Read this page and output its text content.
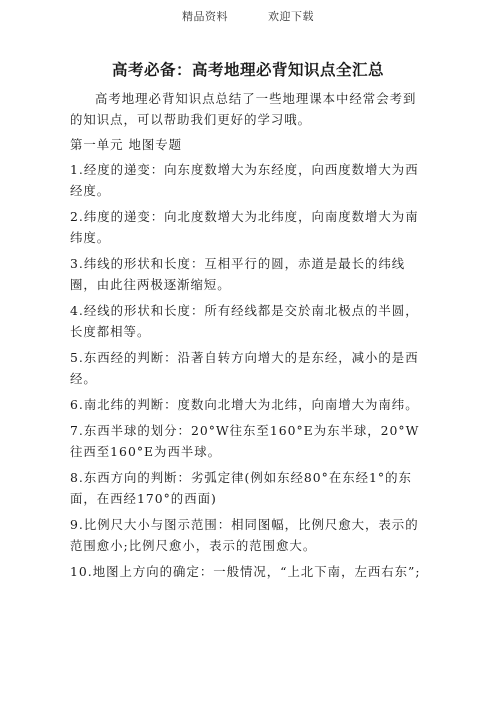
精品资料	欢迎下载
高考必备：高考地理必背知识点全汇总

高考地理必背知识点总结了一些地理课本中经常会考到的知识点，可以帮助我们更好的学习哦。

第一单元 地图专题

1.经度的递变：向东度数增大为东经度，向西度数增大为西经度。

2.纬度的递变：向北度数增大为北纬度，向南度数增大为南纬度。

3.纬线的形状和长度：互相平行的圆，赤道是最长的纬线圈，由此往两极逐渐缩短。

4.经线的形状和长度：所有经线都是交於南北极点的半圆，长度都相等。

5.东西经的判断：沿著自转方向增大的是东经，减小的是西经。

6.南北纬的判断：度数向北增大为北纬，向南增大为南纬。

7.东西半球的划分：20°W往东至160°E为东半球，20°W往西至160°E为西半球。

8.东西方向的判断：劣弧定律(例如东经80°在东经1°的东面，在西经170°的西面)

9.比例尺大小与图示范围：相同图幅，比例尺愈大，表示的范围愈小;比例尺愈小，表示的范围愈大。

10.地图上方向的确定：一般情况，“上北下南，左西右东”;
